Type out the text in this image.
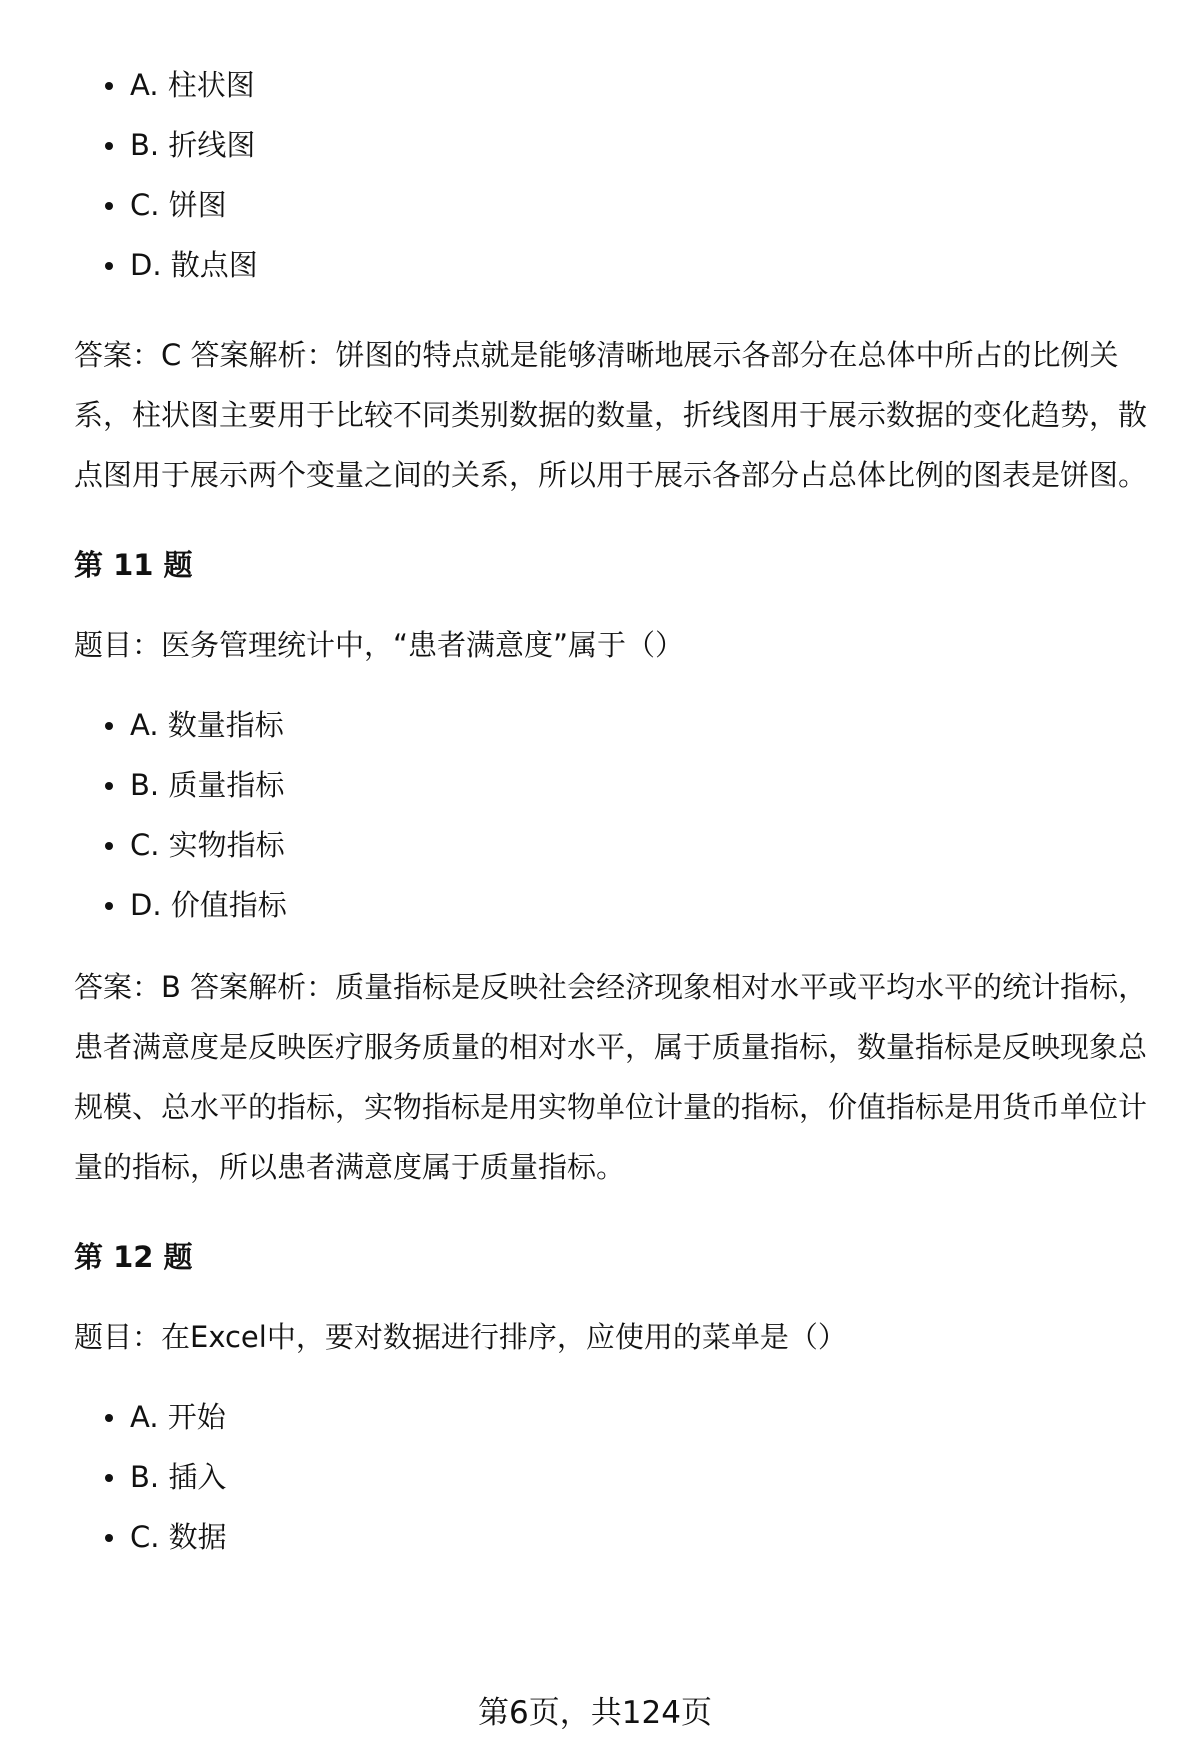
A. 柱状图
B. 折线图
C. 饼图
D. 散点图

答案：C 答案解析：饼图的特点就是能够清晰地展示各部分在总体中所占的比例关系，柱状图主要用于比较不同类别数据的数量，折线图用于展示数据的变化趋势，散点图用于展示两个变量之间的关系，所以用于展示各部分占总体比例的图表是饼图。

第 11 题

题目：医务管理统计中，“患者满意度”属于（）

A. 数量指标
B. 质量指标
C. 实物指标
D. 价值指标

答案：B 答案解析：质量指标是反映社会经济现象相对水平或平均水平的统计指标，患者满意度是反映医疗服务质量的相对水平，属于质量指标，数量指标是反映现象总规模、总水平的指标，实物指标是用实物单位计量的指标，价值指标是用货币单位计量的指标，所以患者满意度属于质量指标。

第 12 题

题目：在Excel中，要对数据进行排序，应使用的菜单是（）

A. 开始
B. 插入
C. 数据
第6页，共124页
